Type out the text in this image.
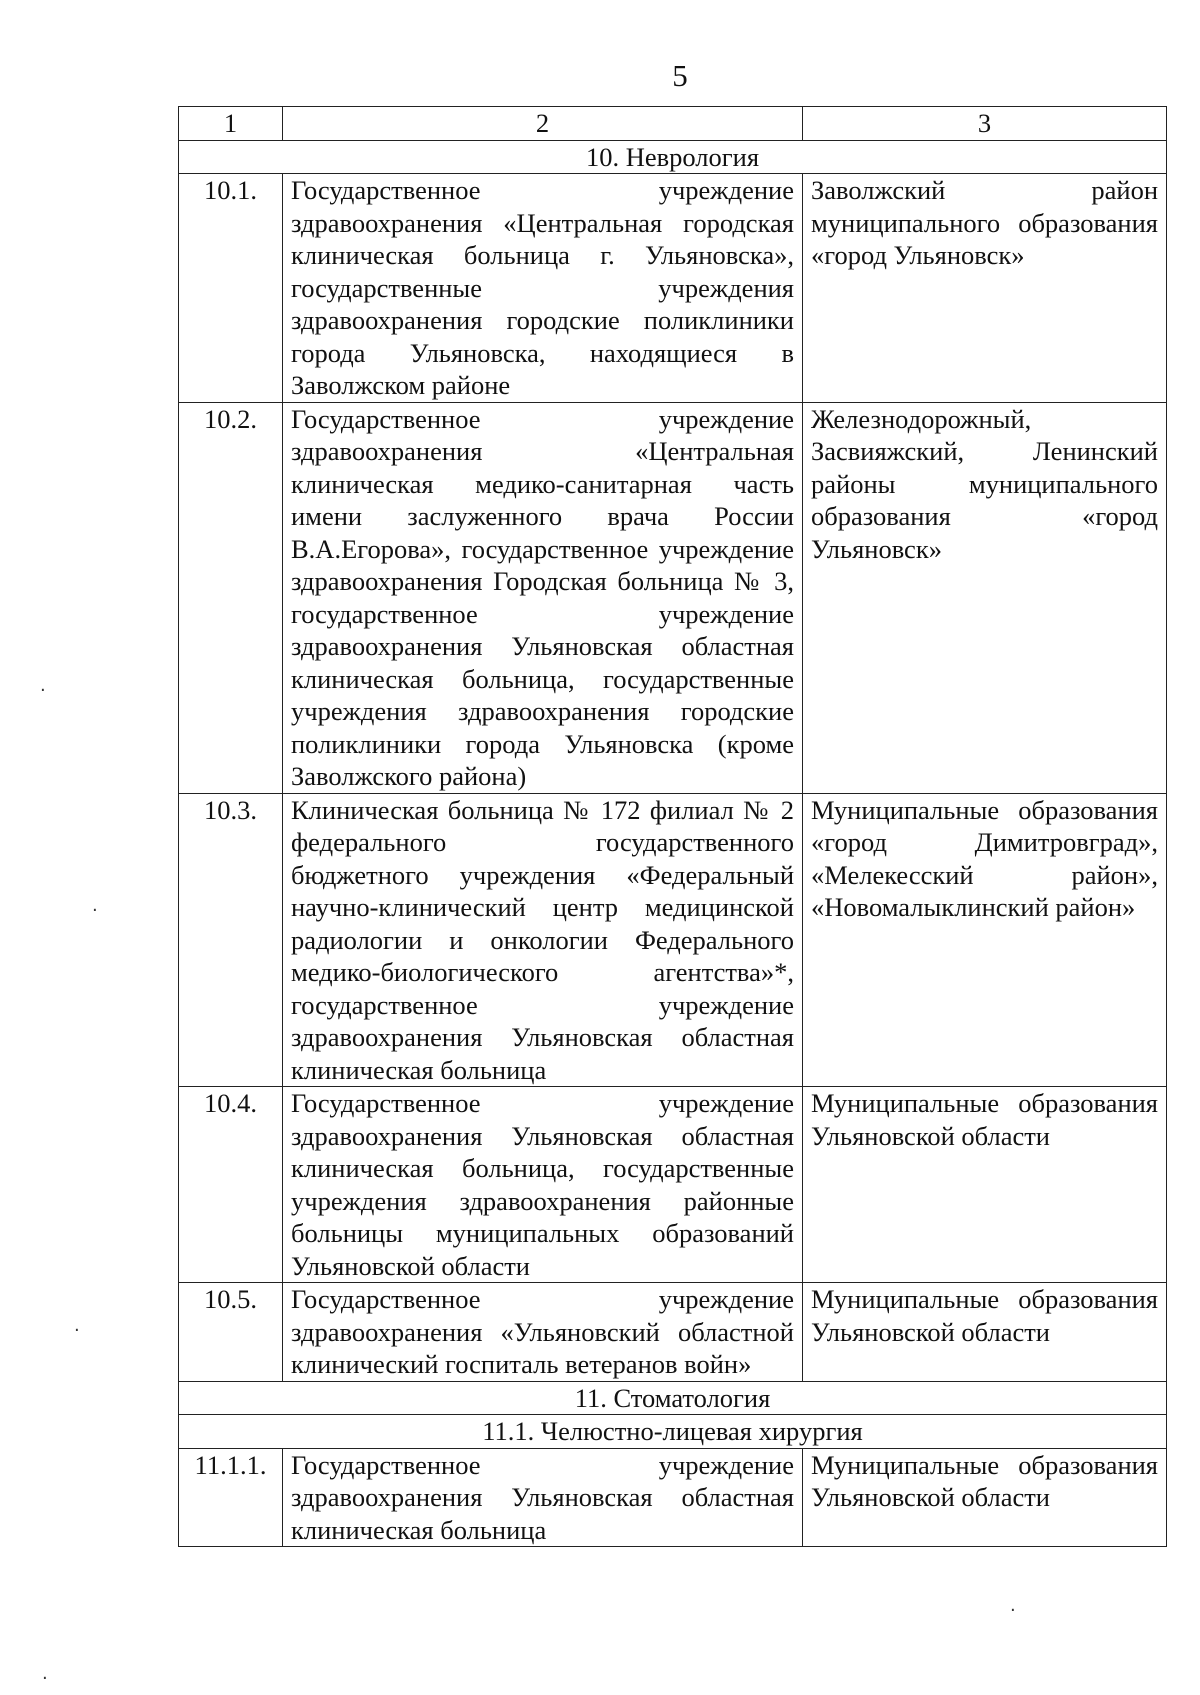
5
1	2	3
10. Неврология		
10.1.	Государственное учреждение здравоохранения «Центральная городская клиническая больница г. Ульяновска», государственные учреждения здравоохранения городские поликлиники города Ульяновска, находящиеся в Заволжском районе	Заволжский район муниципального образования «город Ульяновск»
10.2.	Государственное учреждение здравоохранения «Центральная клиническая медико-санитарная часть имени заслуженного врача России В.А.Егорова», государственное учреждение здравоохранения Городская больница № 3, государственное учреждение здравоохранения Ульяновская областная клиническая больница, государственные учреждения здравоохранения городские поликлиники города Ульяновска (кроме Заволжского района)	Железнодорожный, Засвияжский, Ленинский районы муниципального образования «город Ульяновск»
10.3.	Клиническая больница № 172 филиал № 2 федерального государственного бюджетного учреждения «Федеральный научно-клинический центр медицинской радиологии и онкологии Федерального медико-биологического агентства»*, государственное учреждение здравоохранения Ульяновская областная клиническая больница	Муниципальные образования «город Димитровград», «Мелекесский район», «Новомалыклинский район»
10.4.	Государственное учреждение здравоохранения Ульяновская областная клиническая больница, государственные учреждения здравоохранения районные больницы муниципальных образований Ульяновской области	Муниципальные образования Ульяновской области
10.5.	Государственное учреждение здравоохранения «Ульяновский областной клинический госпиталь ветеранов войн»	Муниципальные образования Ульяновской области
11. Стоматология		
11.1. Челюстно-лицевая хирургия		
11.1.1.	Государственное учреждение здравоохранения Ульяновская областная клиническая больница	Муниципальные образования Ульяновской области
·
·
·
·
·
